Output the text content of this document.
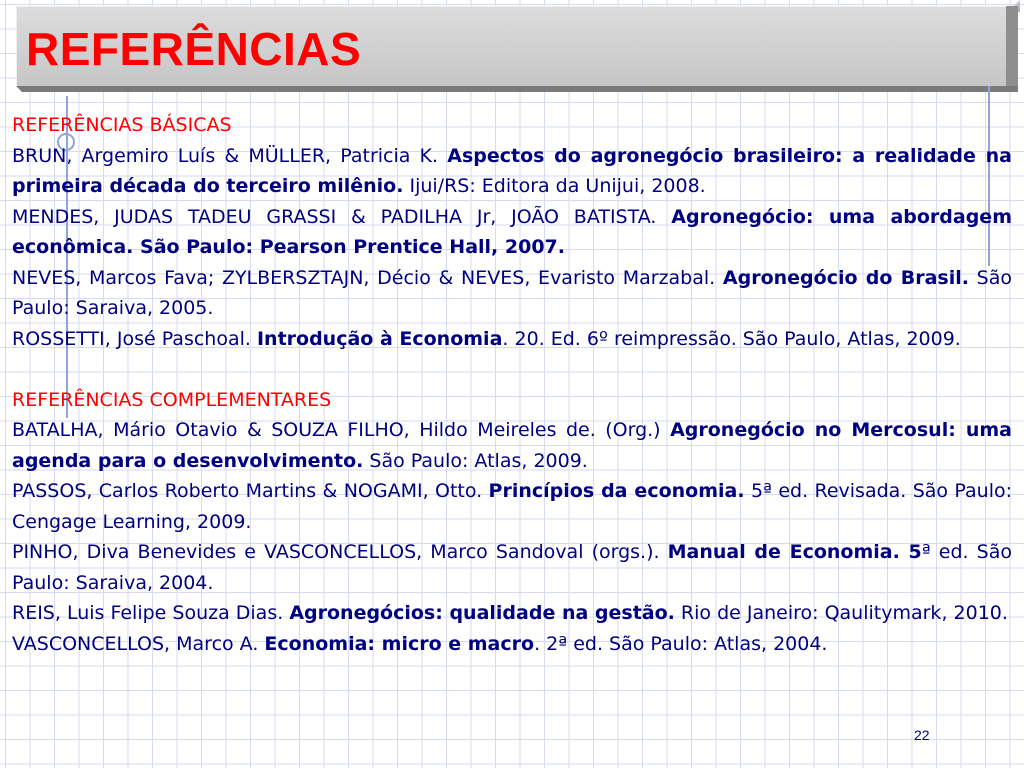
REFERÊNCIAS

REFERÊNCIAS BÁSICAS

BRUN, Argemiro Luís & MÜLLER, Patricia K. Aspectos do agronegócio brasileiro: a realidade na primeira década do terceiro milênio. Ijui/RS: Editora da Unijui, 2008.

MENDES, JUDAS TADEU GRASSI & PADILHA Jr, JOÃO BATISTA. Agronegócio: uma abordagem econômica. São Paulo: Pearson Prentice Hall, 2007.

NEVES, Marcos Fava; ZYLBERSZTAJN, Décio & NEVES, Evaristo Marzabal. Agronegócio do Brasil. São Paulo: Saraiva, 2005.

ROSSETTI, José Paschoal. Introdução à Economia. 20. Ed. 6º reimpressão. São Paulo, Atlas, 2009.

REFERÊNCIAS COMPLEMENTARES

BATALHA, Mário Otavio & SOUZA FILHO, Hildo Meireles de. (Org.) Agronegócio no Mercosul: uma agenda para o desenvolvimento. São Paulo: Atlas, 2009.

PASSOS, Carlos Roberto Martins & NOGAMI, Otto. Princípios da economia. 5ª ed. Revisada. São Paulo: Cengage Learning, 2009.

PINHO, Diva Benevides e VASCONCELLOS, Marco Sandoval (orgs.). Manual de Economia. 5ª ed. São Paulo: Saraiva, 2004.

REIS, Luis Felipe Souza Dias. Agronegócios: qualidade na gestão. Rio de Janeiro: Qaulitymark, 2010.

VASCONCELLOS, Marco A. Economia: micro e macro. 2ª ed. São Paulo: Atlas, 2004.

22
